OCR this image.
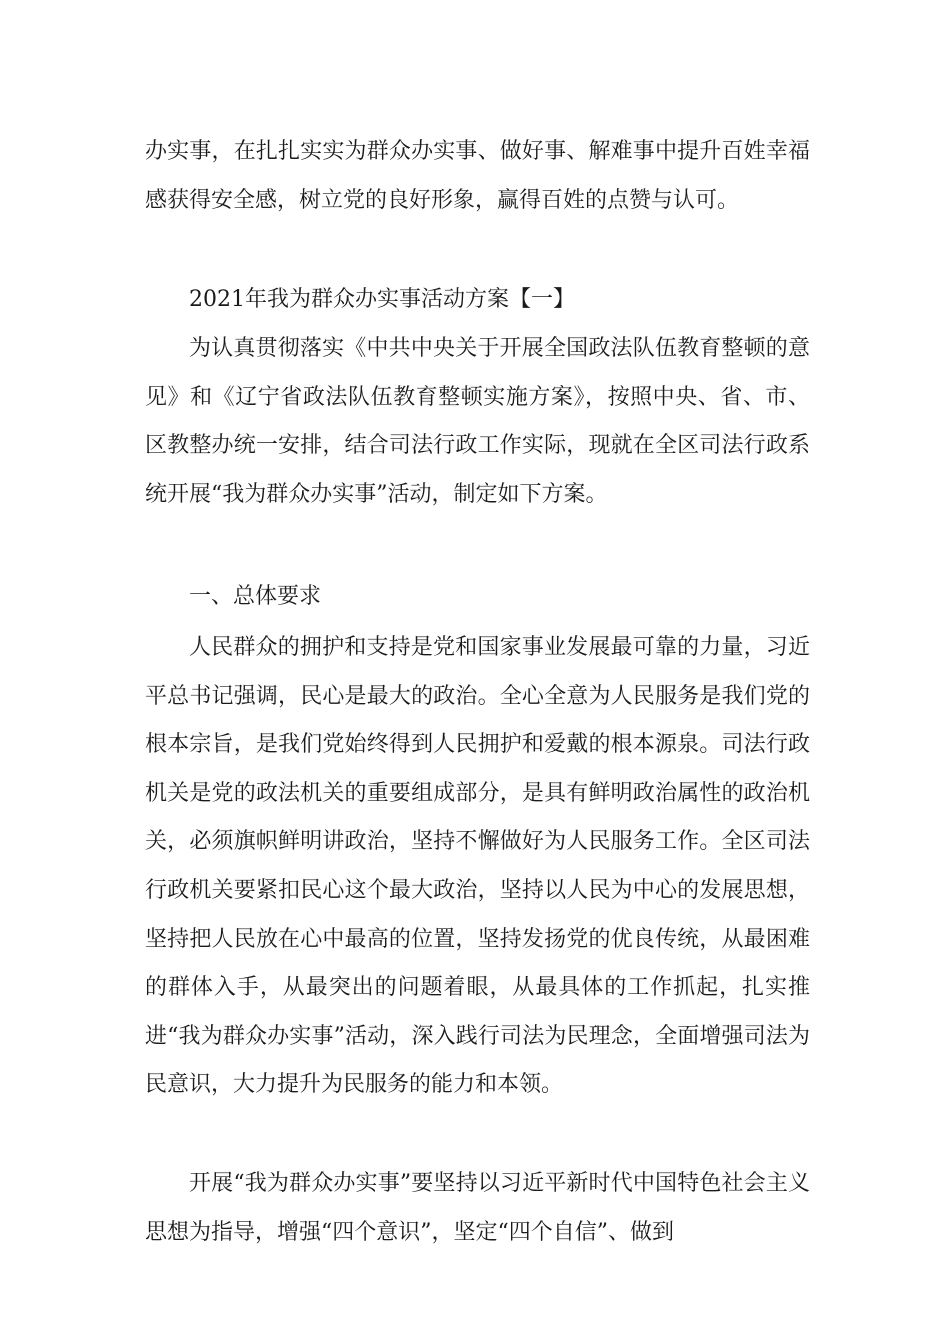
办实事，在扎扎实实为群众办实事、做好事、解难事中提升百姓幸福感获得安全感，树立党的良好形象，赢得百姓的点赞与认可。

2021年我为群众办实事活动方案【一】

为认真贯彻落实《中共中央关于开展全国政法队伍教育整顿的意见》和《辽宁省政法队伍教育整顿实施方案》，按照中央、省、市、区教整办统一安排，结合司法行政工作实际，现就在全区司法行政系统开展“我为群众办实事”活动，制定如下方案。

一、总体要求

人民群众的拥护和支持是党和国家事业发展最可靠的力量，习近平总书记强调，民心是最大的政治。全心全意为人民服务是我们党的根本宗旨，是我们党始终得到人民拥护和爱戴的根本源泉。司法行政机关是党的政法机关的重要组成部分，是具有鲜明政治属性的政治机关，必须旗帜鲜明讲政治，坚持不懈做好为人民服务工作。全区司法行政机关要紧扣民心这个最大政治，坚持以人民为中心的发展思想，坚持把人民放在心中最高的位置，坚持发扬党的优良传统，从最困难的群体入手，从最突出的问题着眼，从最具体的工作抓起，扎实推进“我为群众办实事”活动，深入践行司法为民理念，全面增强司法为民意识，大力提升为民服务的能力和本领。

开展“我为群众办实事”要坚持以习近平新时代中国特色社会主义思想为指导，增强“四个意识”，坚定“四个自信”、做到
